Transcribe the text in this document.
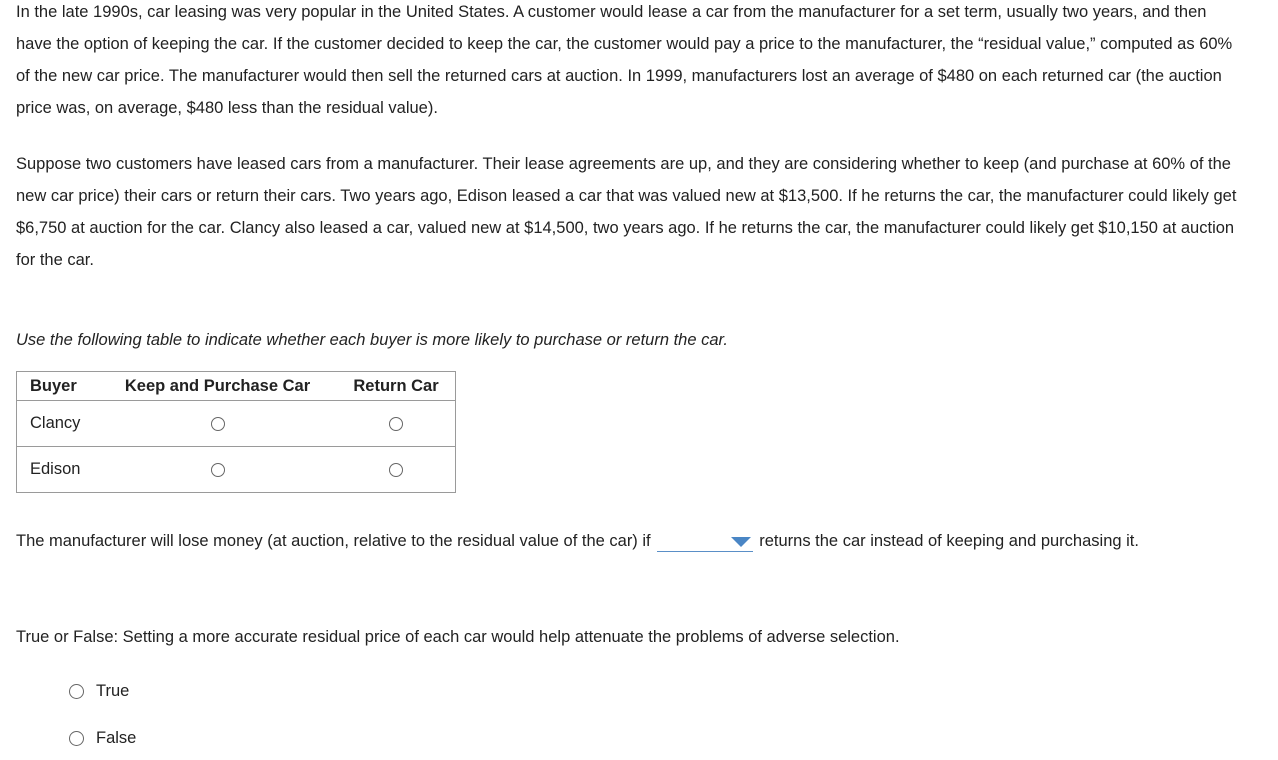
In the late 1990s, car leasing was very popular in the United States. A customer would lease a car from the manufacturer for a set term, usually two years, and then have the option of keeping the car. If the customer decided to keep the car, the customer would pay a price to the manufacturer, the “residual value,” computed as 60% of the new car price. The manufacturer would then sell the returned cars at auction. In 1999, manufacturers lost an average of $480 on each returned car (the auction price was, on average, $480 less than the residual value).

Suppose two customers have leased cars from a manufacturer. Their lease agreements are up, and they are considering whether to keep (and purchase at 60% of the new car price) their cars or return their cars. Two years ago, Edison leased a car that was valued new at $13,500. If he returns the car, the manufacturer could likely get $6,750 at auction for the car. Clancy also leased a car, valued new at $14,500, two years ago. If he returns the car, the manufacturer could likely get $10,150 at auction for the car.

Use the following table to indicate whether each buyer is more likely to purchase or return the car.

Buyer	Keep and Purchase Car	Return Car
Clancy		
Edison		

The manufacturer will lose money (at auction, relative to the residual value of the car) if	returns the car instead of keeping and purchasing it.

True or False: Setting a more accurate residual price of each car would help attenuate the problems of adverse selection.

True
False
